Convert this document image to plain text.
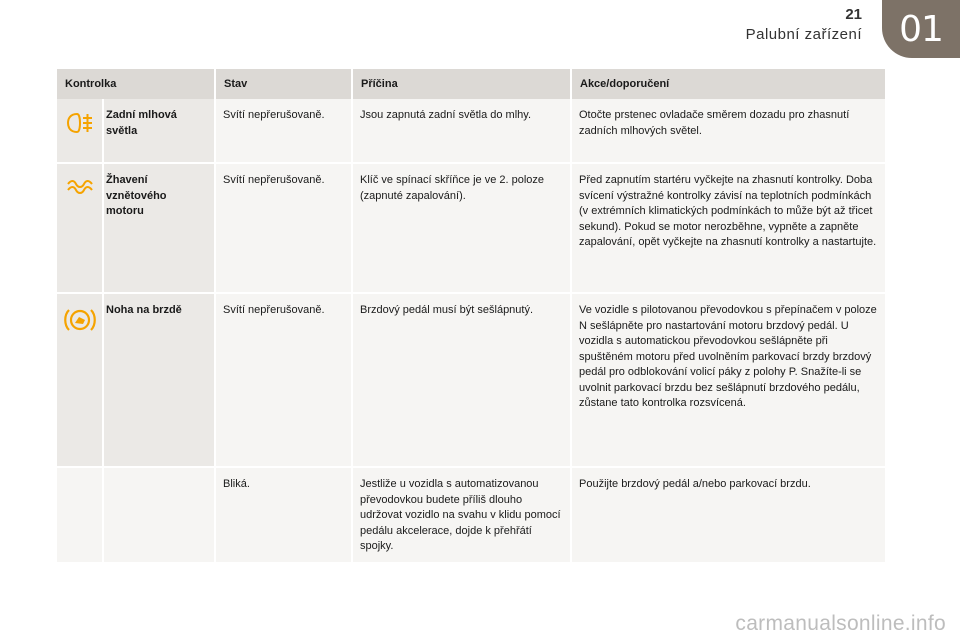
21
Palubní zařízení	01
Kontrolka		Stav	Příčina	Akce/doporučení

	Zadní mlhová světla	Svítí nepřerušovaně.	Jsou zapnutá zadní světla do mlhy.	Otočte prstenec ovladače směrem dozadu pro zhasnutí zadních mlhových světel.

	Žhavení vznětového motoru	Svítí nepřerušovaně.	Klíč ve spínací skříňce je ve 2. poloze (zapnuté zapalování).	Před zapnutím startéru vyčkejte na zhasnutí kontrolky. Doba svícení výstražné kontrolky závisí na teplotních podmínkách (v extrémních klimatických podmínkách to může být až třicet sekund). Pokud se motor nerozběhne, vypněte a zapněte zapalování, opět vyčkejte na zhasnutí kontrolky a nastartujte.

	Noha na brzdě	Svítí nepřerušovaně.	Brzdový pedál musí být sešlápnutý.	Ve vozidle s pilotovanou převodovkou s přepínačem v poloze N sešlápněte pro nastartování motoru brzdový pedál. U vozidla s automatickou převodovkou sešlápněte při spuštěném motoru před uvolněním parkovací brzdy brzdový pedál pro odblokování volicí páky z polohy P. Snažíte-li se uvolnit parkovací brzdu bez sešlápnutí brzdového pedálu, zůstane tato kontrolka rozsvícená.
		Bliká.	Jestliže u vozidla s automatizovanou převodovkou budete příliš dlouho udržovat vozidlo na svahu v klidu pomocí pedálu akcelerace, dojde k přehřátí spojky.	Použijte brzdový pedál a/nebo parkovací brzdu.
carmanualsonline.info
